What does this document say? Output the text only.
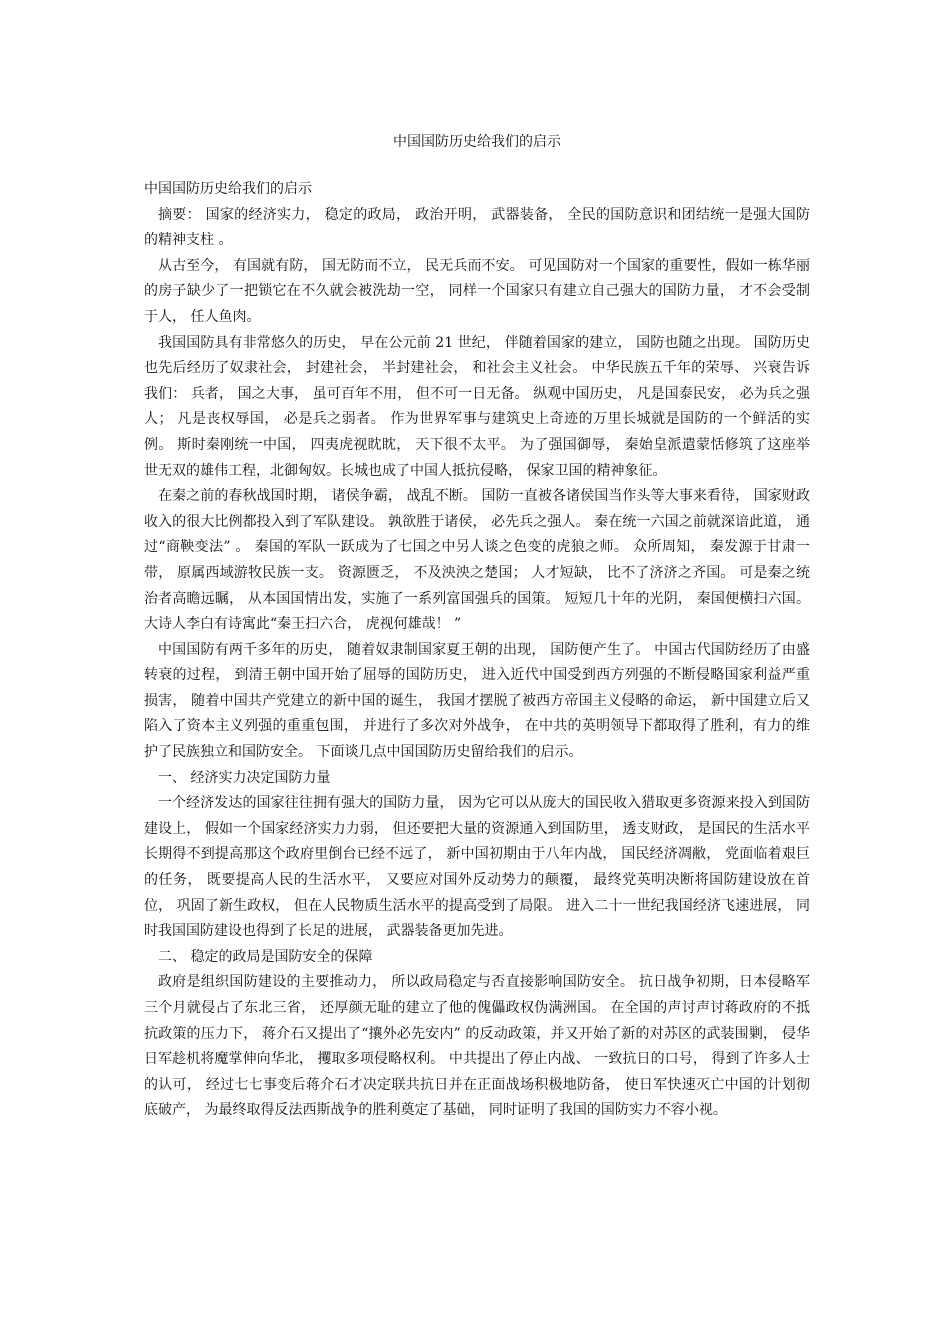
中国国防历史给我们的启示

中国国防历史给我们的启示

摘要： 国家的经济实力， 稳定的政局， 政治开明， 武器装备， 全民的国防意识和团结统一是强大国防的精神支柱 。

从古至今， 有国就有防， 国无防而不立， 民无兵而不安。 可见国防对一个国家的重要性，假如一栋华丽的房子缺少了一把锁它在不久就会被洗劫一空， 同样一个国家只有建立自己强大的国防力量， 才不会受制于人， 任人鱼肉。

我国国防具有非常悠久的历史， 早在公元前 21 世纪， 伴随着国家的建立， 国防也随之出现。 国防历史也先后经历了奴隶社会， 封建社会， 半封建社会， 和社会主义社会。 中华民族五千年的荣辱、 兴衰告诉我们： 兵者， 国之大事， 虽可百年不用， 但不可一日无备。 纵观中国历史， 凡是国泰民安， 必为兵之强人； 凡是丧权辱国， 必是兵之弱者。 作为世界军事与建筑史上奇迹的万里长城就是国防的一个鲜活的实例。 斯时秦刚统一中国， 四夷虎视眈眈， 天下很不太平。 为了强国御辱， 秦始皇派遣蒙恬修筑了这座举世无双的雄伟工程，北御匈奴。长城也成了中国人抵抗侵略， 保家卫国的精神象征。

在秦之前的春秋战国时期， 诸侯争霸， 战乱不断。 国防一直被各诸侯国当作头等大事来看待， 国家财政收入的很大比例都投入到了军队建设。 孰欲胜于诸侯， 必先兵之强人。 秦在统一六国之前就深谙此道， 通过“商鞅变法” 。 秦国的军队一跃成为了七国之中另人谈之色变的虎狼之师。 众所周知， 秦发源于甘肃一带， 原属西域游牧民族一支。 资源匮乏， 不及泱泱之楚国； 人才短缺， 比不了济济之齐国。 可是秦之统治者高瞻远瞩， 从本国国情出发，实施了一系列富国强兵的国策。 短短几十年的光阴， 秦国便横扫六国。 大诗人李白有诗寓此“秦王扫六合， 虎视何雄哉！ ”

中国国防有两千多年的历史， 随着奴隶制国家夏王朝的出现， 国防便产生了。 中国古代国防经历了由盛转衰的过程， 到清王朝中国开始了屈辱的国防历史， 进入近代中国受到西方列强的不断侵略国家利益严重损害， 随着中国共产党建立的新中国的诞生， 我国才摆脱了被西方帝国主义侵略的命运， 新中国建立后又陷入了资本主义列强的重重包围， 并进行了多次对外战争， 在中共的英明领导下都取得了胜利，有力的维护了民族独立和国防安全。 下面谈几点中国国防历史留给我们的启示。

一、 经济实力决定国防力量

一个经济发达的国家往往拥有强大的国防力量， 因为它可以从庞大的国民收入猎取更多资源来投入到国防建设上， 假如一个国家经济实力力弱， 但还要把大量的资源通入到国防里， 透支财政， 是国民的生活水平长期得不到提高那这个政府里倒台已经不远了， 新中国初期由于八年内战， 国民经济凋敝， 党面临着艰巨的任务， 既要提高人民的生活水平， 又要应对国外反动势力的颠覆， 最终党英明决断将国防建设放在首位， 巩固了新生政权， 但在人民物质生活水平的提高受到了局限。 进入二十一世纪我国经济飞速进展， 同时我国国防建设也得到了长足的进展， 武器装备更加先进。

二、 稳定的政局是国防安全的保障

政府是组织国防建设的主要推动力， 所以政局稳定与否直接影响国防安全。 抗日战争初期，日本侵略军三个月就侵占了东北三省， 还厚颜无耻的建立了他的傀儡政权伪满洲国。 在全国的声讨声讨蒋政府的不抵抗政策的压力下， 蒋介石又提出了“攘外必先安内” 的反动政策，并又开始了新的对苏区的武装围剿， 侵华日军趁机将魔掌伸向华北， 攫取多项侵略权利。 中共提出了停止内战、 一致抗日的口号， 得到了许多人士的认可， 经过七七事变后蒋介石才决定联共抗日并在正面战场积极地防备， 使日军快速灭亡中国的计划彻底破产， 为最终取得反法西斯战争的胜利奠定了基础， 同时证明了我国的国防实力不容小视。
